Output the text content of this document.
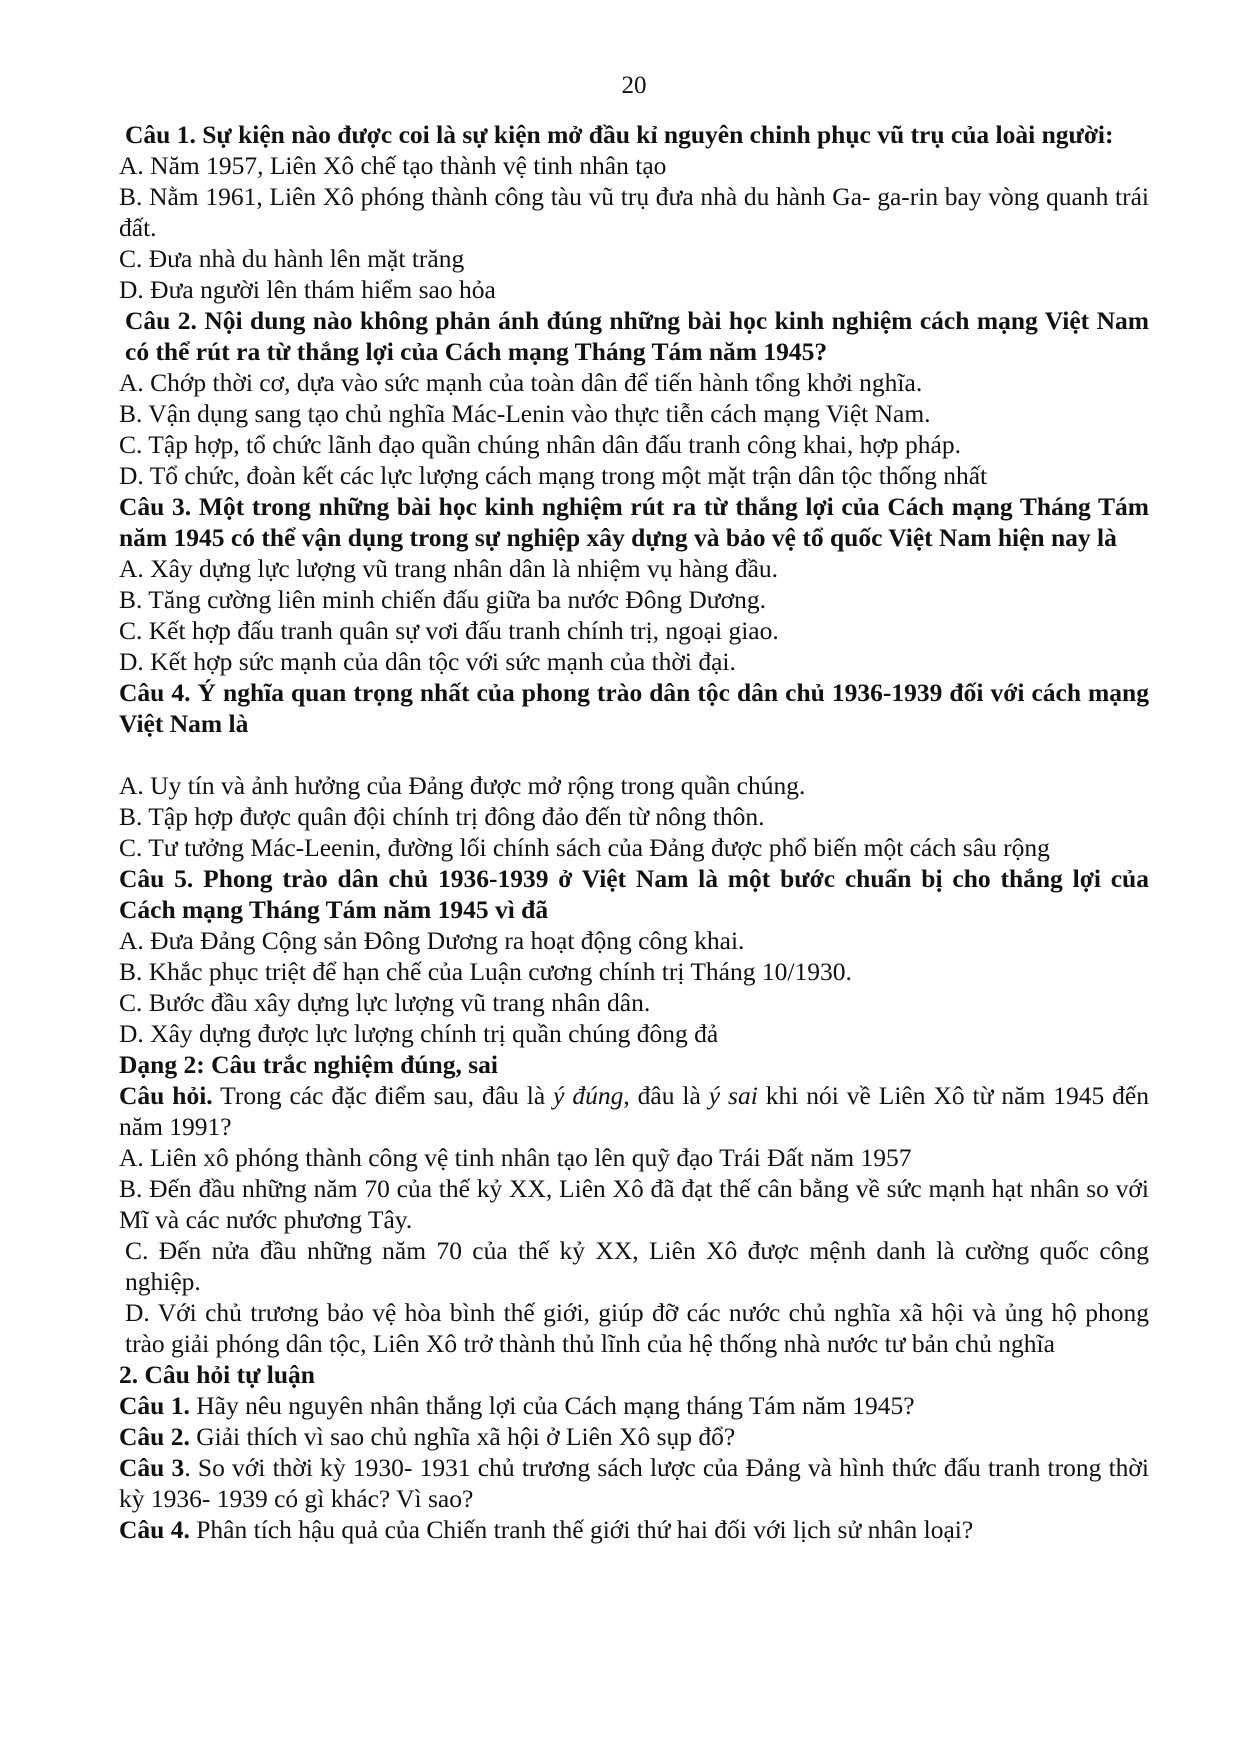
20
Câu 1. Sự kiện nào được coi là sự kiện mở đầu kỉ nguyên chinh phục vũ trụ của loài người:
A. Năm 1957, Liên Xô chế tạo thành vệ tinh nhân tạo
B. Nằm 1961, Liên Xô phóng thành công tàu vũ trụ đưa nhà du hành Ga- ga-rin bay vòng quanh trái đất.
C. Đưa nhà du hành lên mặt trăng
D. Đưa người lên thám hiểm sao hỏa
Câu 2. Nội dung nào không phản ánh đúng những bài học kinh nghiệm cách mạng Việt Nam có thể rút ra từ thắng lợi của Cách mạng Tháng Tám năm 1945?
A. Chớp thời cơ, dựa vào sức mạnh của toàn dân để tiến hành tổng khởi nghĩa.
B. Vận dụng sang tạo chủ nghĩa Mác-Lenin vào thực tiễn cách mạng Việt Nam.
C. Tập hợp, tổ chức lãnh đạo quần chúng nhân dân đấu tranh công khai, hợp pháp.
D. Tổ chức, đoàn kết các lực lượng cách mạng trong một mặt trận dân tộc thống nhất
Câu 3. Một trong những bài học kinh nghiệm rút ra từ thắng lợi của Cách mạng Tháng Tám năm 1945 có thể vận dụng trong sự nghiệp xây dựng và bảo vệ tổ quốc Việt Nam hiện nay là
A. Xây dựng lực lượng vũ trang nhân dân là nhiệm vụ hàng đầu.
B. Tăng cường liên minh chiến đấu giữa ba nước Đông Dương.
C. Kết hợp đấu tranh quân sự vơi đấu tranh chính trị, ngoại giao.
D. Kết hợp sức mạnh của dân tộc với sức mạnh của thời đại.
Câu 4. Ý nghĩa quan trọng nhất của phong trào dân tộc dân chủ 1936-1939 đối với cách mạng Việt Nam là
A. Uy tín và ảnh hưởng của Đảng được mở rộng trong quần chúng.
B. Tập hợp được quân đội chính trị đông đảo đến từ nông thôn.
C. Tư tưởng Mác-Leenin, đường lối chính sách của Đảng được phổ biến một cách sâu rộng
Câu 5. Phong trào dân chủ 1936-1939 ở Việt Nam là một bước chuẩn bị cho thắng lợi của Cách mạng Tháng Tám năm 1945 vì đã
A. Đưa Đảng Cộng sản Đông Dương ra hoạt động công khai.
B. Khắc phục triệt để hạn chế của Luận cương chính trị Tháng 10/1930.
C. Bước đầu xây dựng lực lượng vũ trang nhân dân.
D. Xây dựng được lực lượng chính trị quần chúng đông đả
Dạng 2: Câu trắc nghiệm đúng, sai
Câu hỏi. Trong các đặc điểm sau, đâu là ý đúng, đâu là ý sai khi nói về Liên Xô từ năm 1945 đến năm 1991?
A. Liên xô phóng thành công vệ tinh nhân tạo lên quỹ đạo Trái Đất năm 1957
B. Đến đầu những năm 70 của thế kỷ XX, Liên Xô đã đạt thế cân bằng về sức mạnh hạt nhân so với Mĩ và các nước phương Tây.
C. Đến nửa đầu những năm 70 của thế kỷ XX, Liên Xô được mệnh danh là cường quốc công nghiệp.
D. Với chủ trương bảo vệ hòa bình thế giới, giúp đỡ các nước chủ nghĩa xã hội và ủng hộ phong trào giải phóng dân tộc, Liên Xô trở thành thủ lĩnh của hệ thống nhà nước tư bản chủ nghĩa
2. Câu hỏi tự luận
Câu 1. Hãy nêu nguyên nhân thắng lợi của Cách mạng tháng Tám năm 1945?
Câu 2. Giải thích vì sao chủ nghĩa xã hội ở Liên Xô sụp đổ?
Câu 3. So với thời kỳ 1930- 1931 chủ trương sách lược của Đảng và hình thức đấu tranh trong thời kỳ 1936- 1939 có gì khác? Vì sao?
Câu 4. Phân tích hậu quả của Chiến tranh thế giới thứ hai đối với lịch sử nhân loại?
